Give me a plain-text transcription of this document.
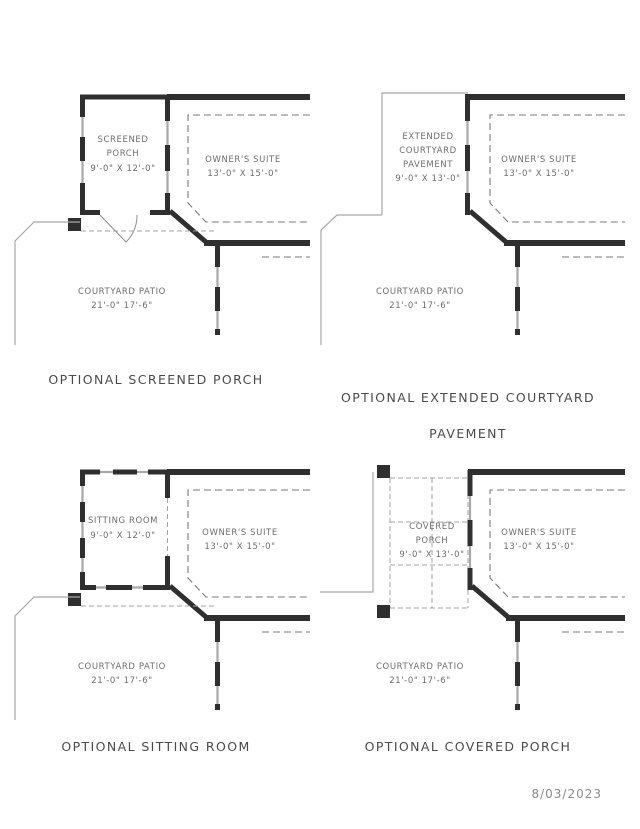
SCREENED
PORCH
9'-0" X 12'-0"
OWNER'S SUITE
13'-0" X 15'-0"
COURTYARD PATIO
21'-0" 17'-6"
OPTIONAL SCREENED PORCH
EXTENDED
COURTYARD
PAVEMENT
9'-0" X 13'-0"
OWNER'S SUITE
13'-0" X 15'-0"
COURTYARD PATIO
21'-0" 17'-6"

OPTIONAL EXTENDED COURTYARD

PAVEMENT

SITTING ROOM
9'-0" X 12'-0"	OWNER'S SUITE
13'-0" X 15'-0"
COURTYARD PATIO
21'-0" 17'-6"
OPTIONAL SITTING ROOM
COVERED
PORCH
9'-0" X 13'-0"
OWNER'S SUITE
13'-0" X 15'-0"
COURTYARD PATIO
21'-0" 17'-6"
OPTIONAL COVERED PORCH
8/03/2023
